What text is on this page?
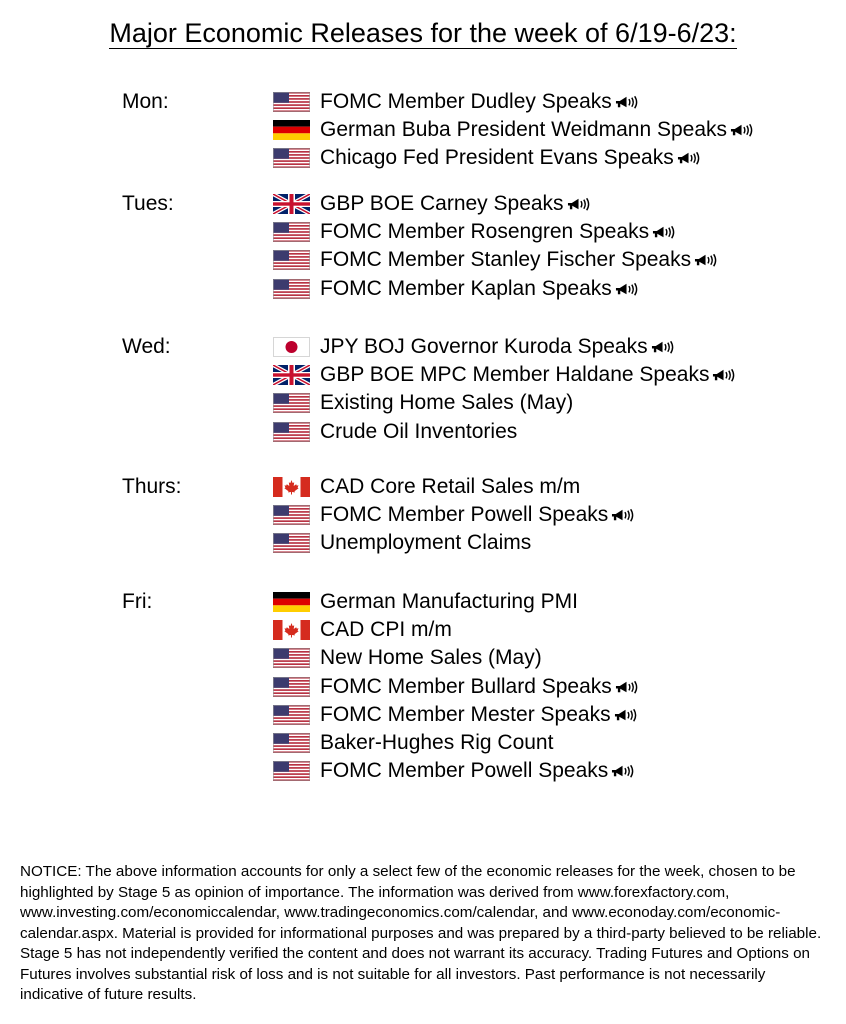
Major Economic Releases for the week of 6/19-6/23:
Mon:	FOMC Member Dudley Speaks
German Buba President Weidmann Speaks
Chicago Fed President Evans Speaks
Tues:	GBP BOE Carney Speaks
FOMC Member Rosengren Speaks
FOMC Member Stanley Fischer Speaks
FOMC Member Kaplan Speaks
Wed:	JPY BOJ Governor Kuroda Speaks
GBP BOE MPC Member Haldane Speaks
Existing Home Sales (May)
Crude Oil Inventories
Thurs:	CAD Core Retail Sales m/m
FOMC Member Powell Speaks
Unemployment Claims
Fri:	German Manufacturing PMI
CAD CPI m/m
New Home Sales (May)
FOMC Member Bullard Speaks
FOMC Member Mester Speaks
Baker-Hughes Rig Count
FOMC Member Powell Speaks
NOTICE: The above information accounts for only a select few of the economic releases for the week, chosen to be highlighted by Stage 5 as opinion of importance. The information was derived from www.forexfactory.com, www.investing.com/economiccalendar, www.tradingeconomics.com/calendar, and www.econoday.com/economic-calendar.aspx. Material is provided for informational purposes and was prepared by a third-party believed to be reliable. Stage 5 has not independently verified the content and does not warrant its accuracy. Trading Futures and Options on Futures involves substantial risk of loss and is not suitable for all investors. Past performance is not necessarily indicative of future results.
